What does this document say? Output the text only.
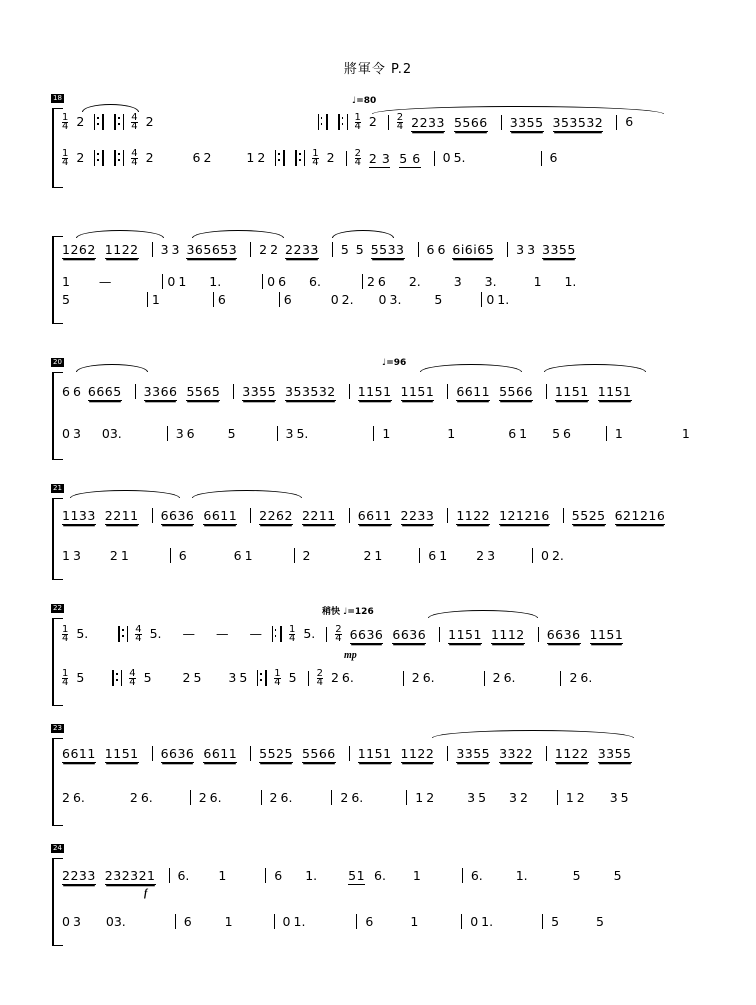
將軍令 P.2
18	♩=80
$\frac{1}{4} 2$	$\frac{4}{4} 2$	$\frac{1}{4} 2 \frac{2}{4} 2233$ 5566 3355 353532 6
$\frac{1}{4} 2$	$\frac{4}{4} 2$	6 2	1 2	$\frac{1}{4} 2 \frac{2}{4} 2$ 3 5 6 0 5.	6
1262 1122 3 3 365653 2 2 2233 5 5 5533 6 6 6i6i65 3 3 3355
1 —	0 1 1.	0 6 6.	2 6 2.	3 3.	1 1.
5	1	6	6	0 2. 0 3.	5	0 1.
20	♩=96
6 6 6665 3366 5565 3355 353532 1151 1151 6611 5566 1151 1151
0 3 03.	3 6	5	3 5.	1	1	6 1 5 6	1	1
21
1133 2211 6636 6611 2262 2211 6611 2233 1122 121216 5525 621216
1 3 2 1	6	6 1	2	2 1	6 1 2 3	0 2.
22	稍快 ♩=126
mp
$\frac{1}{4} 5$.	$\frac{4}{4} 5$. — — —	$\frac{1}{4} 5$. $\frac{2}{4} 6636$ 6636 1151 1112 6636 1151
$\frac{1}{4} 5$	$\frac{4}{4} 5$ 2 5 3 5	$\frac{1}{4} 5 \frac{2}{4} 2$ 6.	2 6.	2 6.	2 6.
23
6611 1151 6636 6611 5525 5566 1151 1122 3355 3322 1122 3355
2 6.	2 6.	2 6.	2 6.	2 6.	1 2	3 5 3 2	1 2 3 5
24
f
2233 232321 6. 1	6 1. 51 6. 1	6.	1.	5	5
0 3 03.	6	1	0 1.	6	1	0 1.	5	5
